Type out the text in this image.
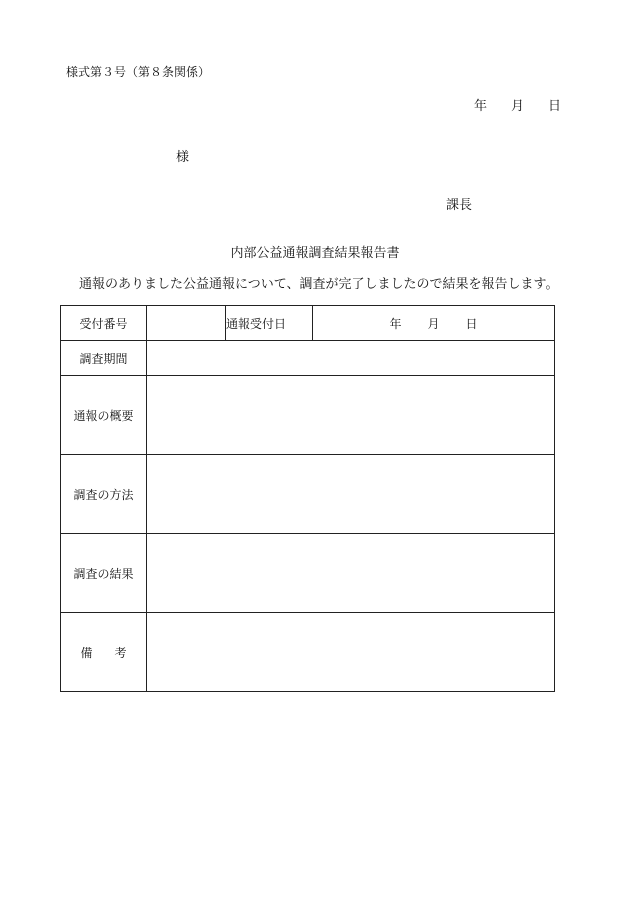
様式第３号（第８条関係）
年 月 日
様
課長
内部公益通報調査結果報告書
通報のありました公益通報について、調査が完了しましたので結果を報告します。
受付番号		通報受付日	年 月 日
調査期間			
通報の概要			
調査の方法			
調査の結果			
備 考			
